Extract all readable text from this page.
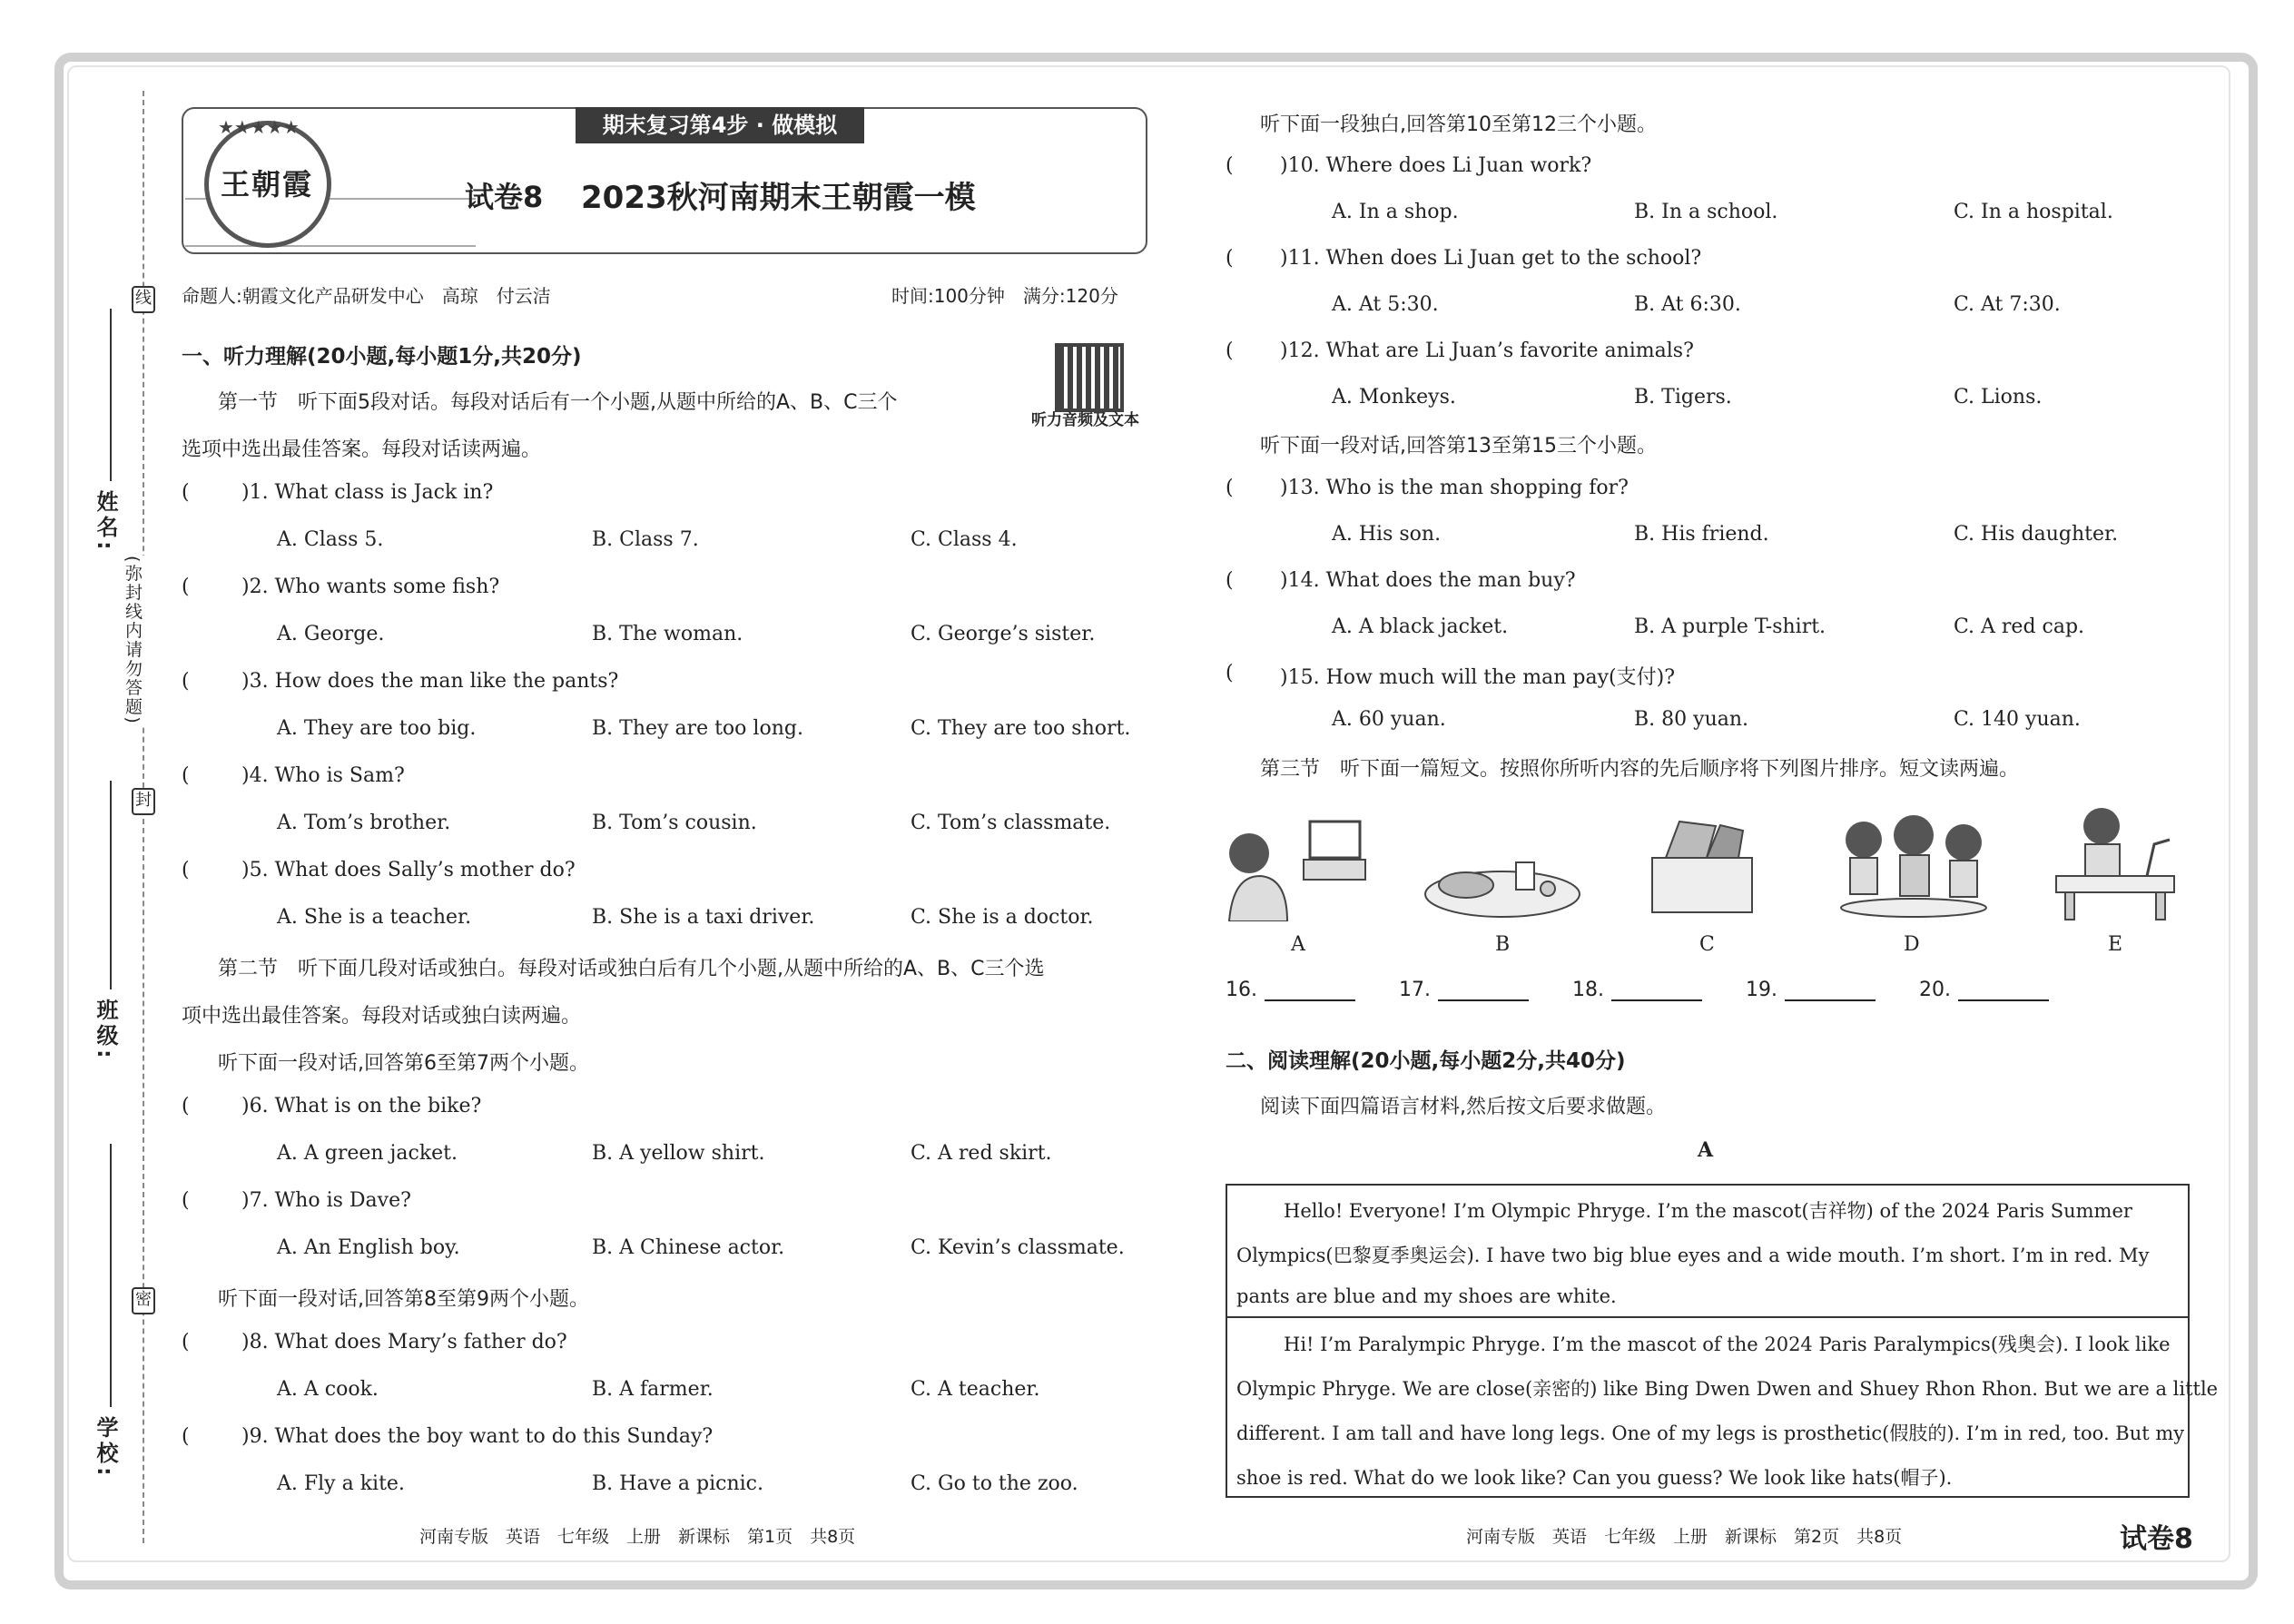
姓名:
班级:
学校:
线
封
密
(弥封线内请勿答题)
期末复习第4步 · 做模拟
★★★★★
王朝霞	试卷8 2023秋河南期末王朝霞一模
命题人:朝霞文化产品研发中心　高琼　付云洁	时间:100分钟　满分:120分
听力音频及文本
一、听力理解(20小题,每小题1分,共20分)
第一节　听下面5段对话。每段对话后有一个小题,从题中所给的A、B、C三个
选项中选出最佳答案。每段对话读两遍。
(	)1. What class is Jack in?
A. Class 5.	B. Class 7.	C. Class 4.
(	)2. Who wants some fish?
A. George.	B. The woman.	C. George’s sister.
(	)3. How does the man like the pants?
A. They are too big.	B. They are too long.	C. They are too short.
(	)4. Who is Sam?
A. Tom’s brother.	B. Tom’s cousin.	C. Tom’s classmate.
(	)5. What does Sally’s mother do?
A. She is a teacher.	B. She is a taxi driver.	C. She is a doctor.
第二节　听下面几段对话或独白。每段对话或独白后有几个小题,从题中所给的A、B、C三个选
项中选出最佳答案。每段对话或独白读两遍。
听下面一段对话,回答第6至第7两个小题。
(	)6. What is on the bike?
A. A green jacket.	B. A yellow shirt.	C. A red skirt.
(	)7. Who is Dave?
A. An English boy.	B. A Chinese actor.	C. Kevin’s classmate.
听下面一段对话,回答第8至第9两个小题。
(	)8. What does Mary’s father do?
A. A cook.	B. A farmer.	C. A teacher.
(	)9. What does the boy want to do this Sunday?
A. Fly a kite.	B. Have a picnic.	C. Go to the zoo.
河南专版　英语　七年级　上册　新课标　第1页　共8页
听下面一段独白,回答第10至第12三个小题。
( )10. Where does Li Juan work?
A. In a shop.	B. In a school.	C. In a hospital.
( )11. When does Li Juan get to the school?
A. At 5:30.	B. At 6:30.	C. At 7:30.
( )12. What are Li Juan’s favorite animals?
A. Monkeys.	B. Tigers.	C. Lions.
听下面一段对话,回答第13至第15三个小题。
( )13. Who is the man shopping for?
A. His son.	B. His friend.	C. His daughter.
( )14. What does the man buy?
A. A black jacket.	B. A purple T-shirt.	C. A red cap.
( )15. How much will the man pay(支付)?
A. 60 yuan.	B. 80 yuan.	C. 140 yuan.
第三节　听下面一篇短文。按照你所听内容的先后顺序将下列图片排序。短文读两遍。
A	B	C	D	E
16.	17.	18.	19.	20.
二、阅读理解(20小题,每小题2分,共40分)
阅读下面四篇语言材料,然后按文后要求做题。
A
Hello! Everyone! I’m Olympic Phryge. I’m the mascot(吉祥物) of the 2024 Paris Summer
Olympics(巴黎夏季奥运会). I have two big blue eyes and a wide mouth. I’m short. I’m in red. My
pants are blue and my shoes are white.
Hi! I’m Paralympic Phryge. I’m the mascot of the 2024 Paris Paralympics(残奥会). I look like
Olympic Phryge. We are close(亲密的) like Bing Dwen Dwen and Shuey Rhon Rhon. But we are a little
different. I am tall and have long legs. One of my legs is prosthetic(假肢的). I’m in red, too. But my
shoe is red. What do we look like? Can you guess? We look like hats(帽子).
河南专版　英语　七年级　上册　新课标　第2页　共8页	试卷8
